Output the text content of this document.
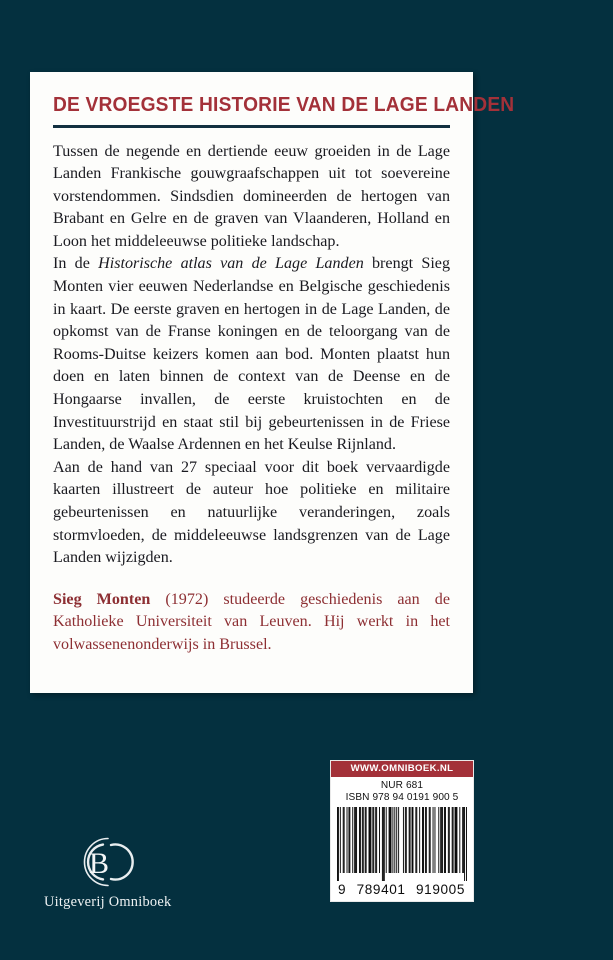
DE VROEGSTE HISTORIE VAN DE LAGE LANDEN

Tussen de negende en dertiende eeuw groeiden in de Lage Landen Frankische gouwgraafschappen uit tot soevereine vorstendommen. Sindsdien domineerden de hertogen van Brabant en Gelre en de graven van Vlaanderen, Holland en Loon het middeleeuwse politieke landschap.

In de Historische atlas van de Lage Landen brengt Sieg Monten vier eeuwen Nederlandse en Belgische geschiedenis in kaart. De eerste graven en hertogen in de Lage Landen, de opkomst van de Franse koningen en de teloorgang van de Rooms-Duitse keizers komen aan bod. Monten plaatst hun doen en laten binnen de context van de Deense en de Hongaarse invallen, de eerste kruistochten en de Investituurstrijd en staat stil bij gebeurtenissen in de Friese Landen, de Waalse Ardennen en het Keulse Rijnland.

Aan de hand van 27 speciaal voor dit boek vervaardigde kaarten illustreert de auteur hoe politieke en militaire gebeurtenissen en natuurlijke veranderingen, zoals stormvloeden, de middeleeuwse landsgrenzen van de Lage Landen wijzigden.

Sieg Monten (1972) studeerde geschiedenis aan de Katholieke Universiteit van Leuven. Hij werkt in het volwassenenonderwijs in Brussel.

B
Uitgeverij Omniboek
WWW.OMNIBOEK.NL
NUR 681
ISBN 978 94 0191 900 5
9 789401 919005
